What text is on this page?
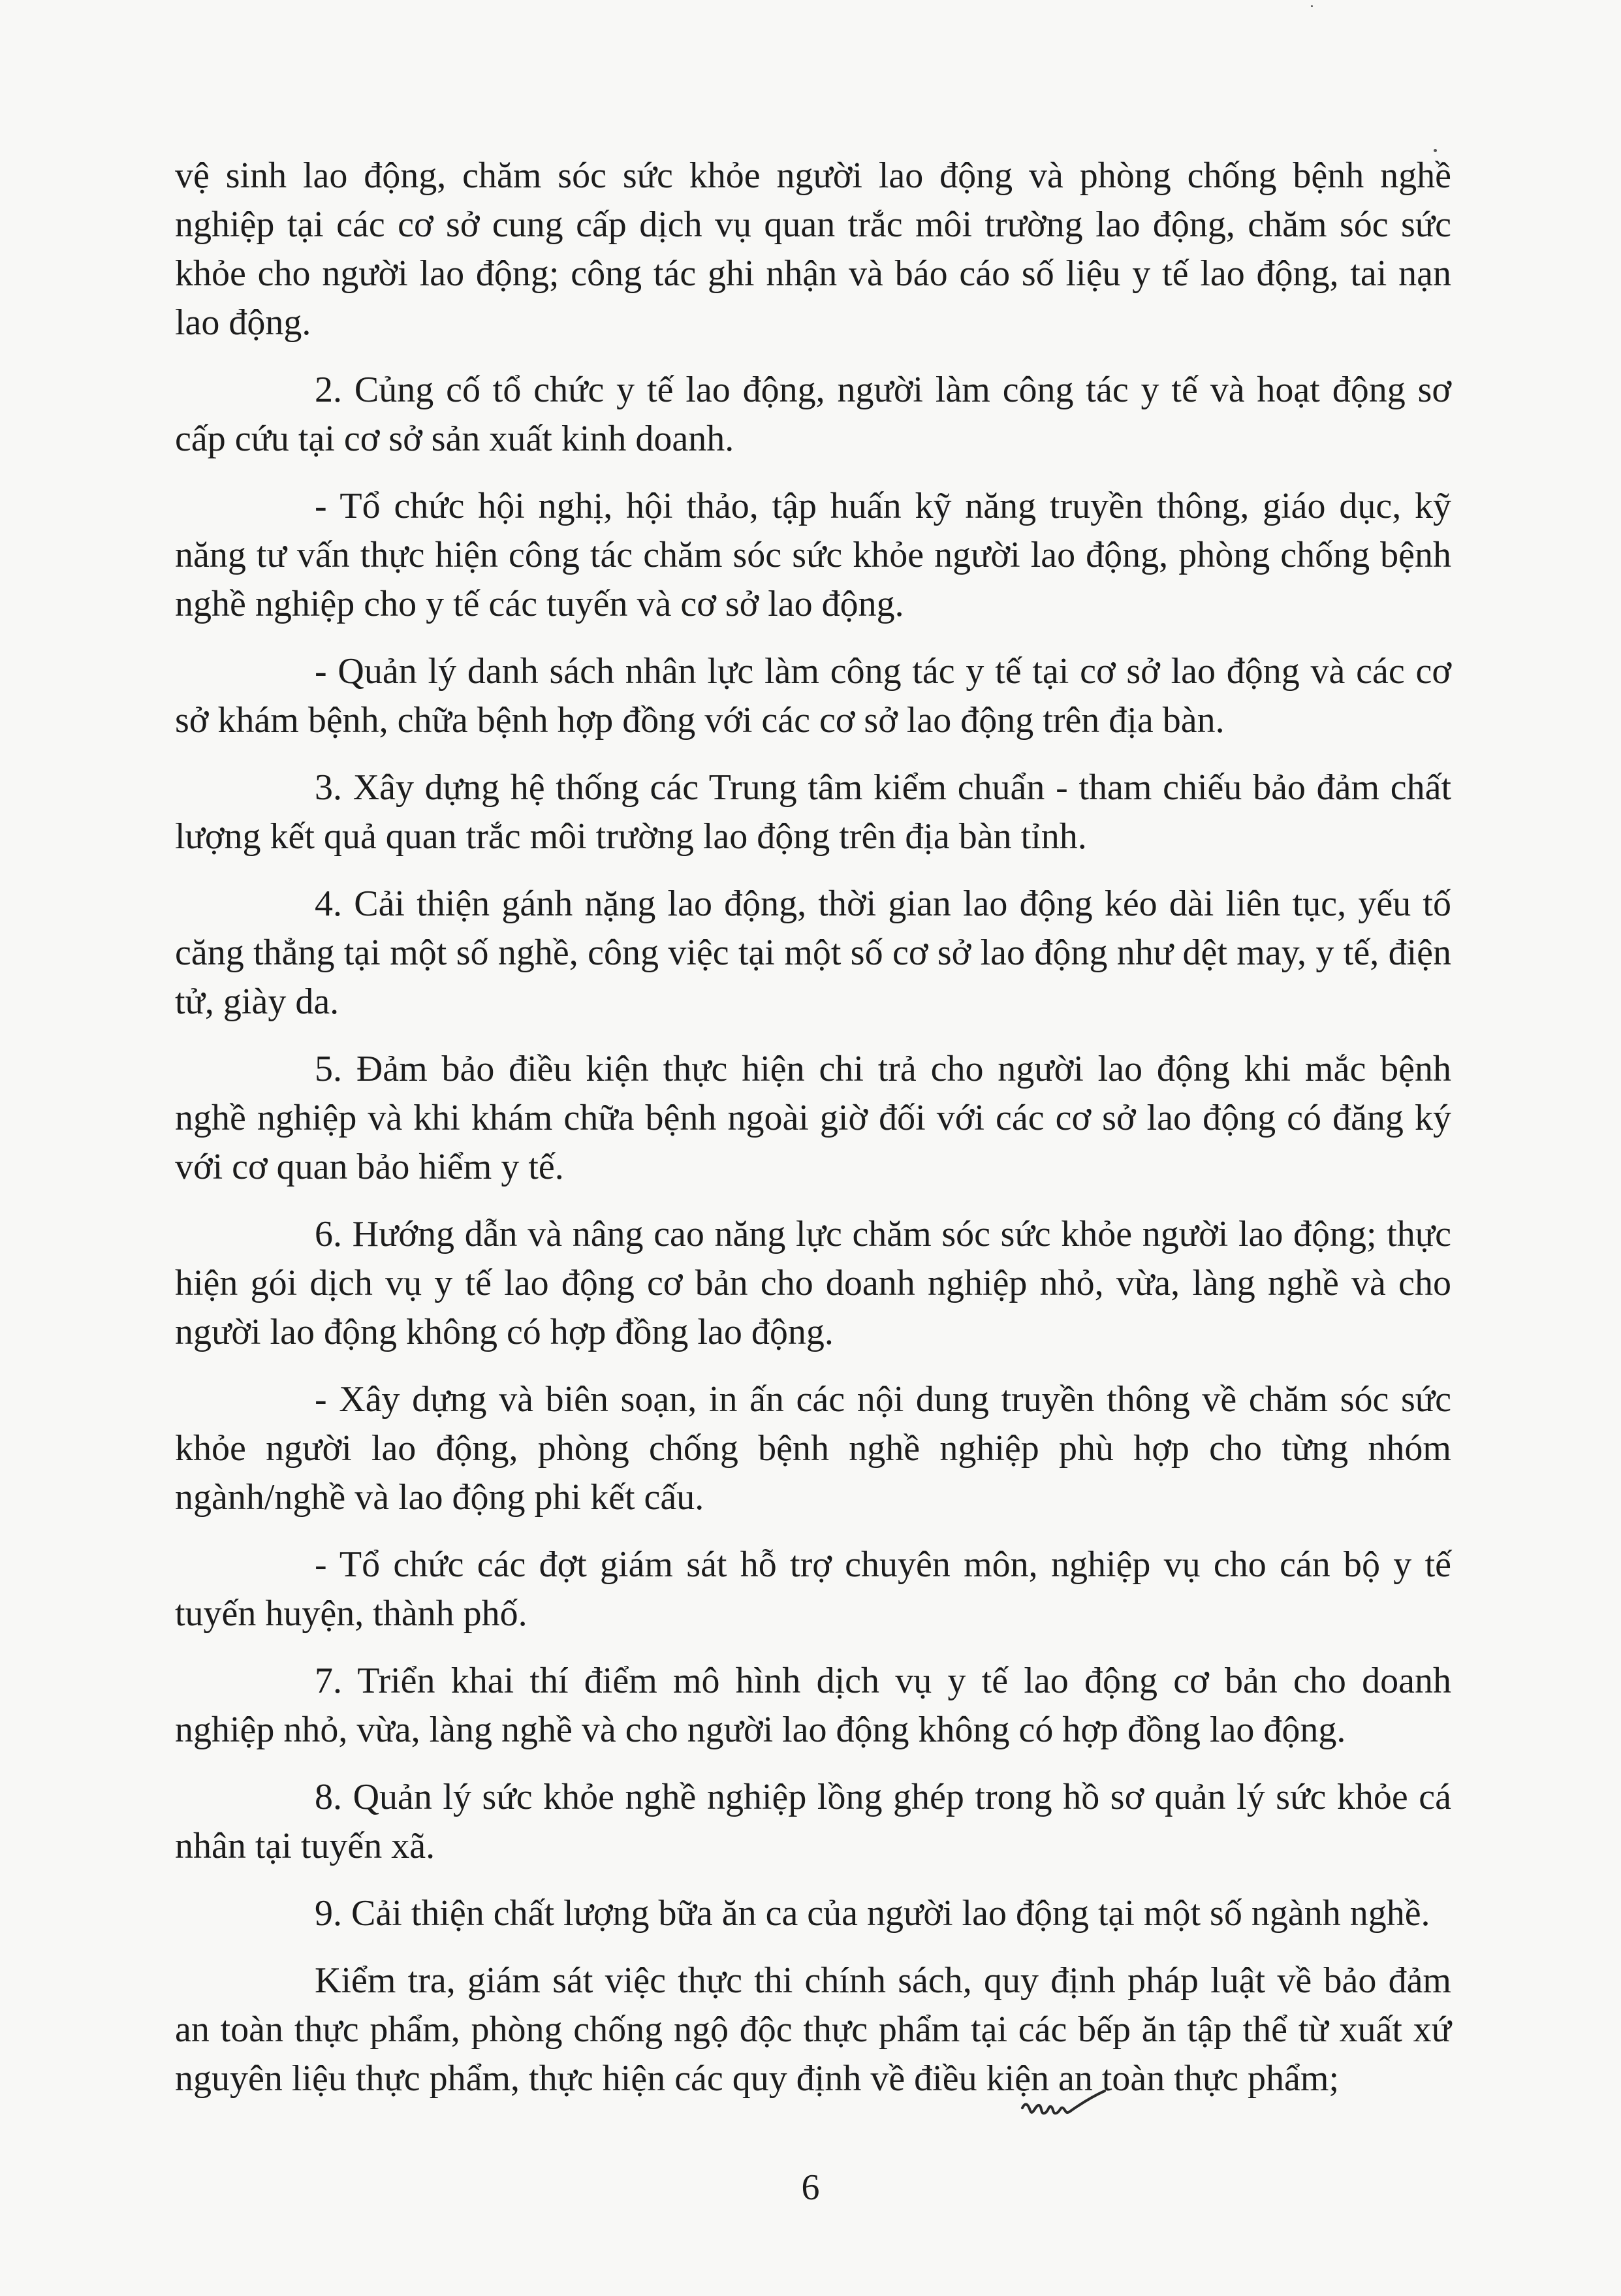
vệ sinh lao động, chăm sóc sức khỏe người lao động và phòng chống bệnh nghề nghiệp tại các cơ sở cung cấp dịch vụ quan trắc môi trường lao động, chăm sóc sức khỏe cho người lao động; công tác ghi nhận và báo cáo số liệu y tế lao động, tai nạn lao động.

2. Củng cố tổ chức y tế lao động, người làm công tác y tế và hoạt động sơ cấp cứu tại cơ sở sản xuất kinh doanh.

- Tổ chức hội nghị, hội thảo, tập huấn kỹ năng truyền thông, giáo dục, kỹ năng tư vấn thực hiện công tác chăm sóc sức khỏe người lao động, phòng chống bệnh nghề nghiệp cho y tế các tuyến và cơ sở lao động.

- Quản lý danh sách nhân lực làm công tác y tế tại cơ sở lao động và các cơ sở khám bệnh, chữa bệnh hợp đồng với các cơ sở lao động trên địa bàn.

3. Xây dựng hệ thống các Trung tâm kiểm chuẩn - tham chiếu bảo đảm chất lượng kết quả quan trắc môi trường lao động trên địa bàn tỉnh.

4. Cải thiện gánh nặng lao động, thời gian lao động kéo dài liên tục, yếu tố căng thẳng tại một số nghề, công việc tại một số cơ sở lao động như dệt may, y tế, điện tử, giày da.

5. Đảm bảo điều kiện thực hiện chi trả cho người lao động khi mắc bệnh nghề nghiệp và khi khám chữa bệnh ngoài giờ đối với các cơ sở lao động có đăng ký với cơ quan bảo hiểm y tế.

6. Hướng dẫn và nâng cao năng lực chăm sóc sức khỏe người lao động; thực hiện gói dịch vụ y tế lao động cơ bản cho doanh nghiệp nhỏ, vừa, làng nghề và cho người lao động không có hợp đồng lao động.

- Xây dựng và biên soạn, in ấn các nội dung truyền thông về chăm sóc sức khỏe người lao động, phòng chống bệnh nghề nghiệp phù hợp cho từng nhóm ngành/nghề và lao động phi kết cấu.

- Tổ chức các đợt giám sát hỗ trợ chuyên môn, nghiệp vụ cho cán bộ y tế tuyến huyện, thành phố.

7. Triển khai thí điểm mô hình dịch vụ y tế lao động cơ bản cho doanh nghiệp nhỏ, vừa, làng nghề và cho người lao động không có hợp đồng lao động.

8. Quản lý sức khỏe nghề nghiệp lồng ghép trong hồ sơ quản lý sức khỏe cá nhân tại tuyến xã.

9. Cải thiện chất lượng bữa ăn ca của người lao động tại một số ngành nghề.

Kiểm tra, giám sát việc thực thi chính sách, quy định pháp luật về bảo đảm an toàn thực phẩm, phòng chống ngộ độc thực phẩm tại các bếp ăn tập thể từ xuất xứ nguyên liệu thực phẩm, thực hiện các quy định về điều kiện an toàn thực phẩm;

6
